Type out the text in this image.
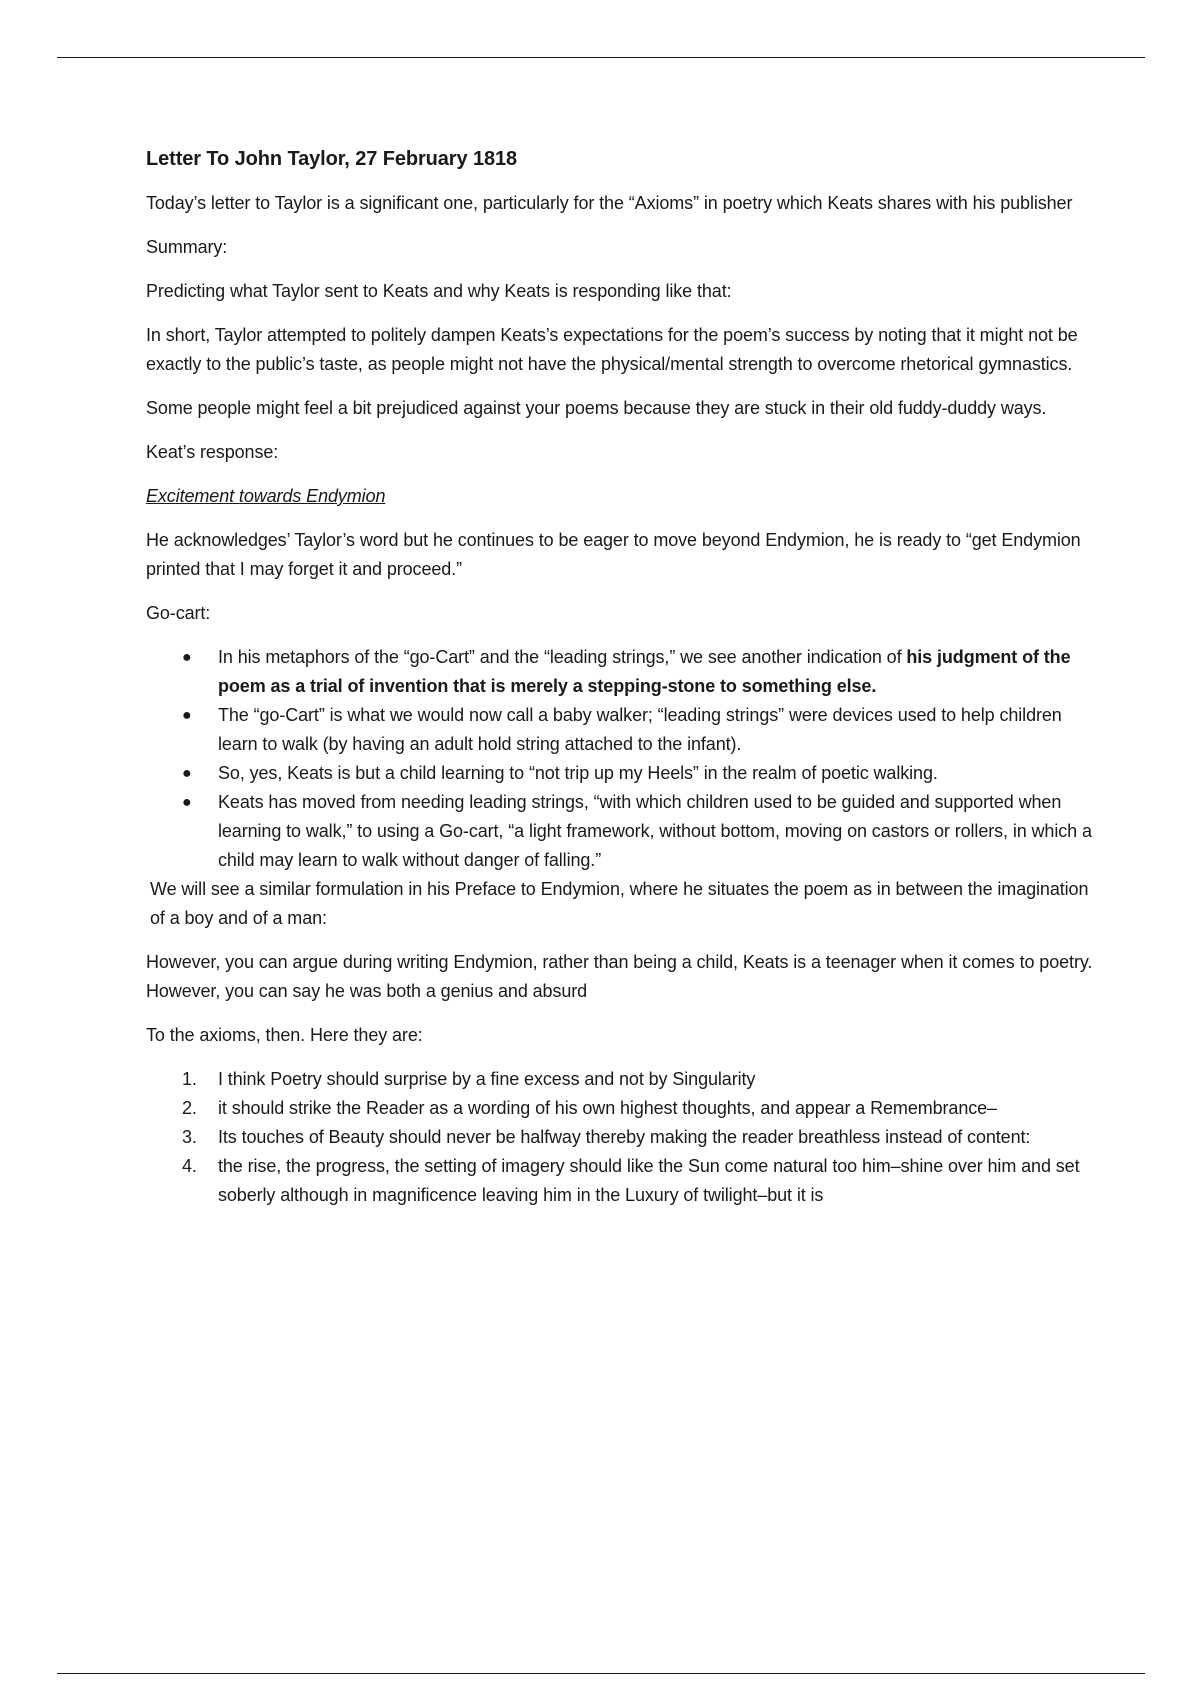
Letter To John Taylor, 27 February 1818

Today’s letter to Taylor is a significant one, particularly for the “Axioms” in poetry which Keats shares with his publisher

Summary:

Predicting what Taylor sent to Keats and why Keats is responding like that:

In short, Taylor attempted to politely dampen Keats’s expectations for the poem’s success by noting that it might not be exactly to the public’s taste, as people might not have the physical/mental strength to overcome rhetorical gymnastics.

Some people might feel a bit prejudiced against your poems because they are stuck in their old fuddy-duddy ways.

Keat’s response:

Excitement towards Endymion

He acknowledges’ Taylor’s word but he continues to be eager to move beyond Endymion, he is ready to “get Endymion printed that I may forget it and proceed.”

Go-cart:

● In his metaphors of the “go-Cart” and the “leading strings,” we see another indication of his judgment of the poem as a trial of invention that is merely a stepping-stone to something else.
● The “go-Cart” is what we would now call a baby walker; “leading strings” were devices used to help children learn to walk (by having an adult hold string attached to the infant).
● So, yes, Keats is but a child learning to “not trip up my Heels” in the realm of poetic walking.
● Keats has moved from needing leading strings, “with which children used to be guided and supported when learning to walk,” to using a Go-cart, “a light framework, without bottom, moving on castors or rollers, in which a child may learn to walk without danger of falling.”

We will see a similar formulation in his Preface to Endymion, where he situates the poem as in between the imagination of a boy and of a man:

However, you can argue during writing Endymion, rather than being a child, Keats is a teenager when it comes to poetry. However, you can say he was both a genius and absurd

To the axioms, then. Here they are:

1. I think Poetry should surprise by a fine excess and not by Singularity
2. it should strike the Reader as a wording of his own highest thoughts, and appear a Remembrance–
3. Its touches of Beauty should never be halfway thereby making the reader breathless instead of content:
4. the rise, the progress, the setting of imagery should like the Sun come natural too him–shine over him and set soberly although in magnificence leaving him in the Luxury of twilight–but it is
